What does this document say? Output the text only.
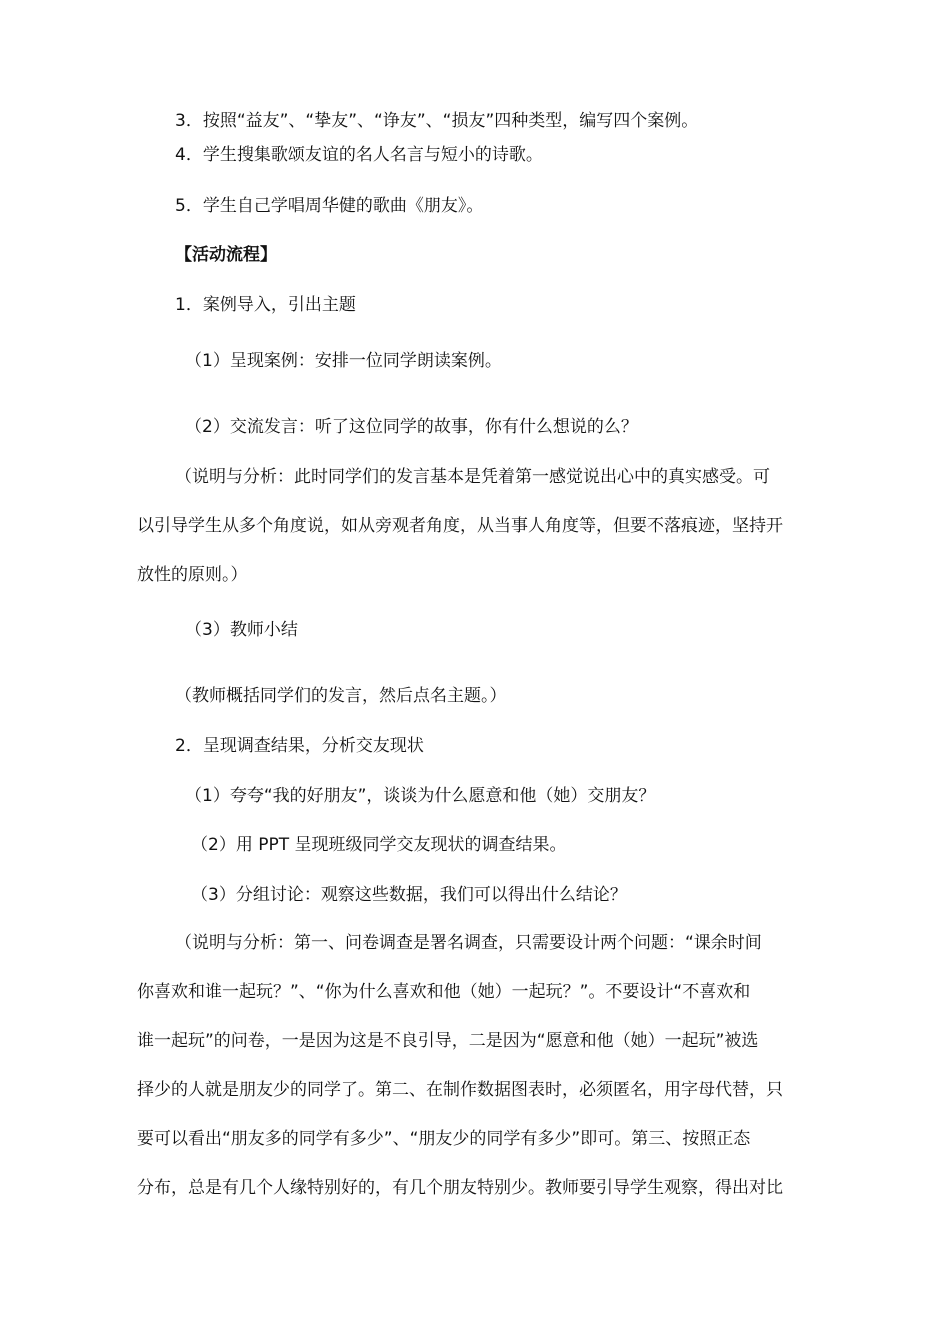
3．按照“益友”、“挚友”、“诤友”、“损友”四种类型，编写四个案例。
4．学生搜集歌颂友谊的名人名言与短小的诗歌。
5．学生自己学唱周华健的歌曲《朋友》。
【活动流程】
1．案例导入，引出主题
（1）呈现案例：安排一位同学朗读案例。
（2）交流发言：听了这位同学的故事，你有什么想说的么？
（说明与分析：此时同学们的发言基本是凭着第一感觉说出心中的真实感受。可
以引导学生从多个角度说，如从旁观者角度，从当事人角度等，但要不落痕迹，坚持开
放性的原则。）
（3）教师小结
（教师概括同学们的发言，然后点名主题。）
2．呈现调查结果，分析交友现状
（1）夸夸“我的好朋友”，谈谈为什么愿意和他（她）交朋友？
（2）用 PPT 呈现班级同学交友现状的调查结果。
（3）分组讨论：观察这些数据，我们可以得出什么结论？
（说明与分析：第一、问卷调查是署名调查，只需要设计两个问题：“课余时间
你喜欢和谁一起玩？”、“你为什么喜欢和他（她）一起玩？”。不要设计“不喜欢和
谁一起玩”的问卷，一是因为这是不良引导，二是因为“愿意和他（她）一起玩”被选
择少的人就是朋友少的同学了。第二、在制作数据图表时，必须匿名，用字母代替，只
要可以看出“朋友多的同学有多少”、“朋友少的同学有多少”即可。第三、按照正态
分布，总是有几个人缘特别好的，有几个朋友特别少。教师要引导学生观察，得出对比
